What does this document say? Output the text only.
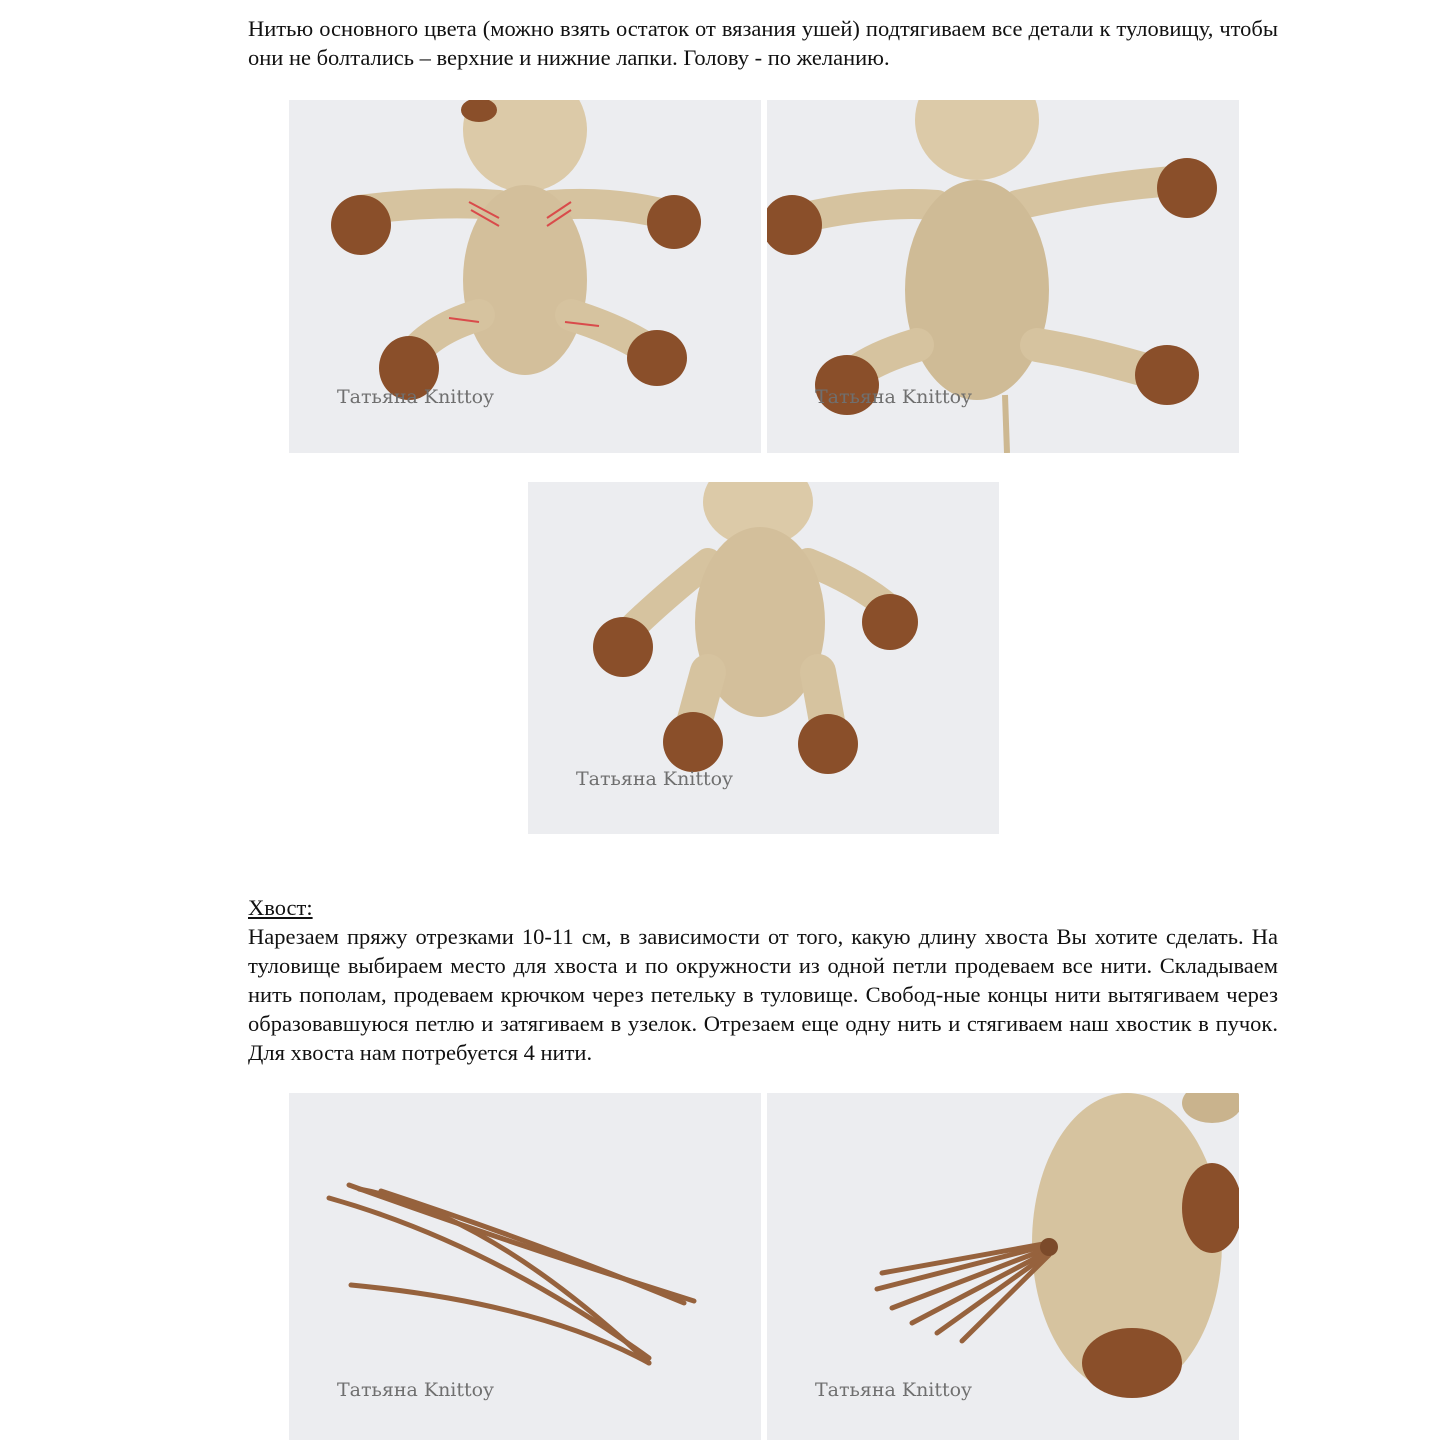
Нитью основного цвета (можно взять остаток от вязания ушей) подтягиваем все детали к туловищу, чтобы они не болтались – верхние и нижние лапки. Голову - по желанию.

Татьяна Knittoy	Татьяна Knittoy
Татьяна Knittoy
Хвост:

Нарезаем пряжу отрезками 10-11 см, в зависимости от того, какую длину хвоста Вы хотите сделать. На туловище выбираем место для хвоста и по окружности из одной петли продеваем все нити. Складываем нить пополам, продеваем крючком через петельку в туловище. Свобод-ные концы нити вытягиваем через образовавшуюся петлю и затягиваем в узелок. Отрезаем еще одну нить и стягиваем наш хвостик в пучок. Для хвоста нам потребуется 4 нити.

Татьяна Knittoy	Татьяна Knittoy
